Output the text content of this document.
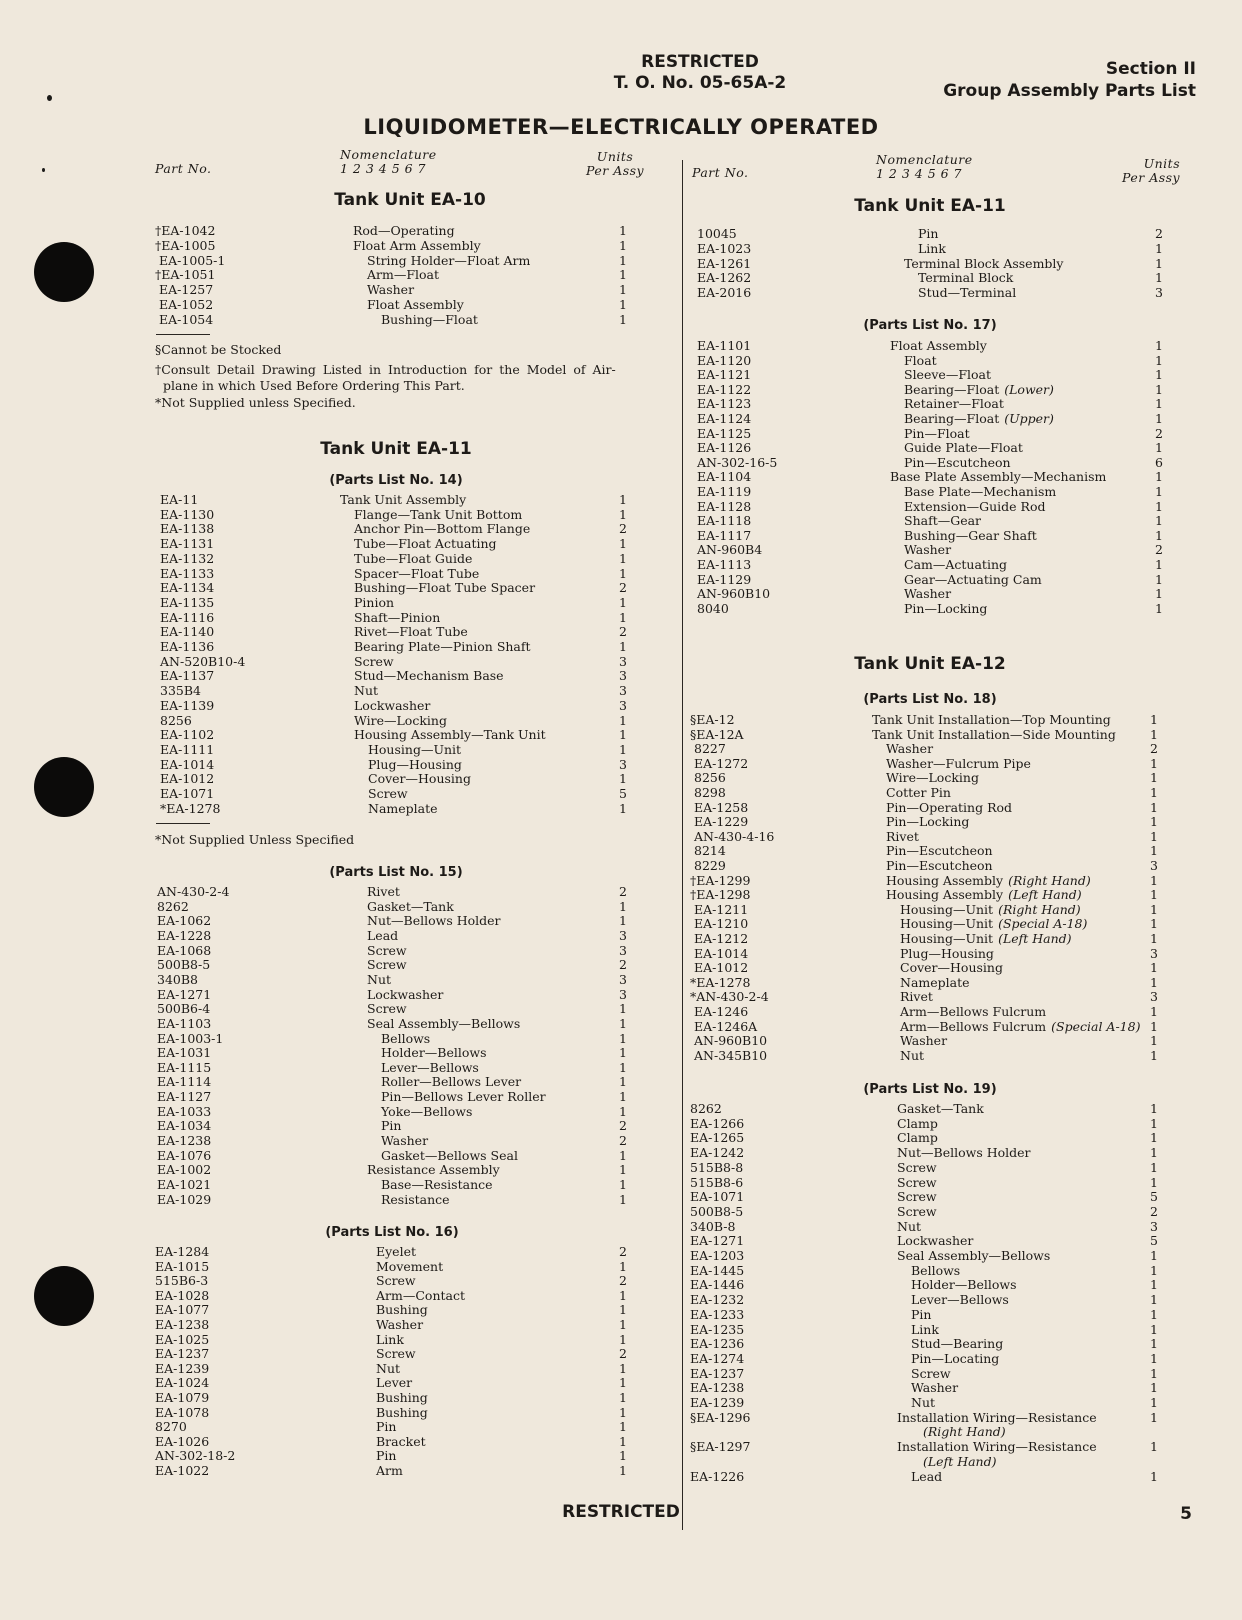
RESTRICTED
T. O. No. 05-65A-2
Section II
Group Assembly Parts List
LIQUIDOMETER—ELECTRICALLY OPERATED
Part No.
Nomenclature
1 2 3 4 5 6 7
Units
Per Assy	Part No.
Nomenclature
1 2 3 4 5 6 7
Units
Per Assy
Tank Unit EA-10
†EA-1042	Rod—Operating	1
†EA-1005	Float Arm Assembly	1
EA-1005-1	String Holder—Float Arm	1
†EA-1051	Arm—Float	1
EA-1257	Washer	1
EA-1052	Float Assembly	1
EA-1054	Bushing—Float	1
§Cannot be Stocked
†Consult Detail Drawing Listed in Introduction for the Model of Air-
plane in which Used Before Ordering This Part.
*Not Supplied unless Specified.
Tank Unit EA-11
(Parts List No. 14)
EA-11	Tank Unit Assembly	1
EA-1130	Flange—Tank Unit Bottom	1
EA-1138	Anchor Pin—Bottom Flange	2
EA-1131	Tube—Float Actuating	1
EA-1132	Tube—Float Guide	1
EA-1133	Spacer—Float Tube	1
EA-1134	Bushing—Float Tube Spacer	2
EA-1135	Pinion	1
EA-1116	Shaft—Pinion	1
EA-1140	Rivet—Float Tube	2
EA-1136	Bearing Plate—Pinion Shaft	1
AN-520B10-4	Screw	3
EA-1137	Stud—Mechanism Base	3
335B4	Nut	3
EA-1139	Lockwasher	3
8256	Wire—Locking	1
EA-1102	Housing Assembly—Tank Unit	1
EA-1111	Housing—Unit	1
EA-1014	Plug—Housing	3
EA-1012	Cover—Housing	1
EA-1071	Screw	5
*EA-1278	Nameplate	1
*Not Supplied Unless Specified
(Parts List No. 15)
AN-430-2-4	Rivet	2
8262	Gasket—Tank	1
EA-1062	Nut—Bellows Holder	1
EA-1228	Lead	3
EA-1068	Screw	3
500B8-5	Screw	2
340B8	Nut	3
EA-1271	Lockwasher	3
500B6-4	Screw	1
EA-1103	Seal Assembly—Bellows	1
EA-1003-1	Bellows	1
EA-1031	Holder—Bellows	1
EA-1115	Lever—Bellows	1
EA-1114	Roller—Bellows Lever	1
EA-1127	Pin—Bellows Lever Roller	1
EA-1033	Yoke—Bellows	1
EA-1034	Pin	2
EA-1238	Washer	2
EA-1076	Gasket—Bellows Seal	1
EA-1002	Resistance Assembly	1
EA-1021	Base—Resistance	1
EA-1029	Resistance	1
(Parts List No. 16)
EA-1284	Eyelet	2
EA-1015	Movement	1
515B6-3	Screw	2
EA-1028	Arm—Contact	1
EA-1077	Bushing	1
EA-1238	Washer	1
EA-1025	Link	1
EA-1237	Screw	2
EA-1239	Nut	1
EA-1024	Lever	1
EA-1079	Bushing	1
EA-1078	Bushing	1
8270	Pin	1
EA-1026	Bracket	1
AN-302-18-2	Pin	1
EA-1022	Arm	1
Tank Unit EA-11
10045	Pin	2
EA-1023	Link	1
EA-1261	Terminal Block Assembly	1
EA-1262	Terminal Block	1
EA-2016	Stud—Terminal	3
(Parts List No. 17)
EA-1101	Float Assembly	1
EA-1120	Float	1
EA-1121	Sleeve—Float	1
EA-1122	Bearing—Float (Lower)	1
EA-1123	Retainer—Float	1
EA-1124	Bearing—Float (Upper)	1
EA-1125	Pin—Float	2
EA-1126	Guide Plate—Float	1
AN-302-16-5	Pin—Escutcheon	6
EA-1104	Base Plate Assembly—Mechanism	1
EA-1119	Base Plate—Mechanism	1
EA-1128	Extension—Guide Rod	1
EA-1118	Shaft—Gear	1
EA-1117	Bushing—Gear Shaft	1
AN-960B4	Washer	2
EA-1113	Cam—Actuating	1
EA-1129	Gear—Actuating Cam	1
AN-960B10	Washer	1
8040	Pin—Locking	1
Tank Unit EA-12
(Parts List No. 18)
§EA-12	Tank Unit Installation—Top Mounting	1
§EA-12A	Tank Unit Installation—Side Mounting	1
8227	Washer	2
EA-1272	Washer—Fulcrum Pipe	1
8256	Wire—Locking	1
8298	Cotter Pin	1
EA-1258	Pin—Operating Rod	1
EA-1229	Pin—Locking	1
AN-430-4-16	Rivet	1
8214	Pin—Escutcheon	1
8229	Pin—Escutcheon	3
†EA-1299	Housing Assembly (Right Hand)	1
†EA-1298	Housing Assembly (Left Hand)	1
EA-1211	Housing—Unit (Right Hand)	1
EA-1210	Housing—Unit (Special A-18)	1
EA-1212	Housing—Unit (Left Hand)	1
EA-1014	Plug—Housing	3
EA-1012	Cover—Housing	1
*EA-1278	Nameplate	1
*AN-430-2-4	Rivet	3
EA-1246	Arm—Bellows Fulcrum	1
EA-1246A	Arm—Bellows Fulcrum (Special A-18) 1
AN-960B10	Washer	1
AN-345B10	Nut	1
(Parts List No. 19)
8262	Gasket—Tank	1
EA-1266	Clamp	1
EA-1265	Clamp	1
EA-1242	Nut—Bellows Holder	1
515B8-8	Screw	1
515B8-6	Screw	1
EA-1071	Screw	5
500B8-5	Screw	2
340B-8	Nut	3
EA-1271	Lockwasher	5
EA-1203	Seal Assembly—Bellows	1
EA-1445	Bellows	1
EA-1446	Holder—Bellows	1
EA-1232	Lever—Bellows	1
EA-1233	Pin	1
EA-1235	Link	1
EA-1236	Stud—Bearing	1
EA-1274	Pin—Locating	1
EA-1237	Screw	1
EA-1238	Washer	1
EA-1239	Nut	1
§EA-1296	Installation Wiring—Resistance	1
(Right Hand)
§EA-1297	Installation Wiring—Resistance	1
(Left Hand)
EA-1226	Lead	1
RESTRICTED	5
